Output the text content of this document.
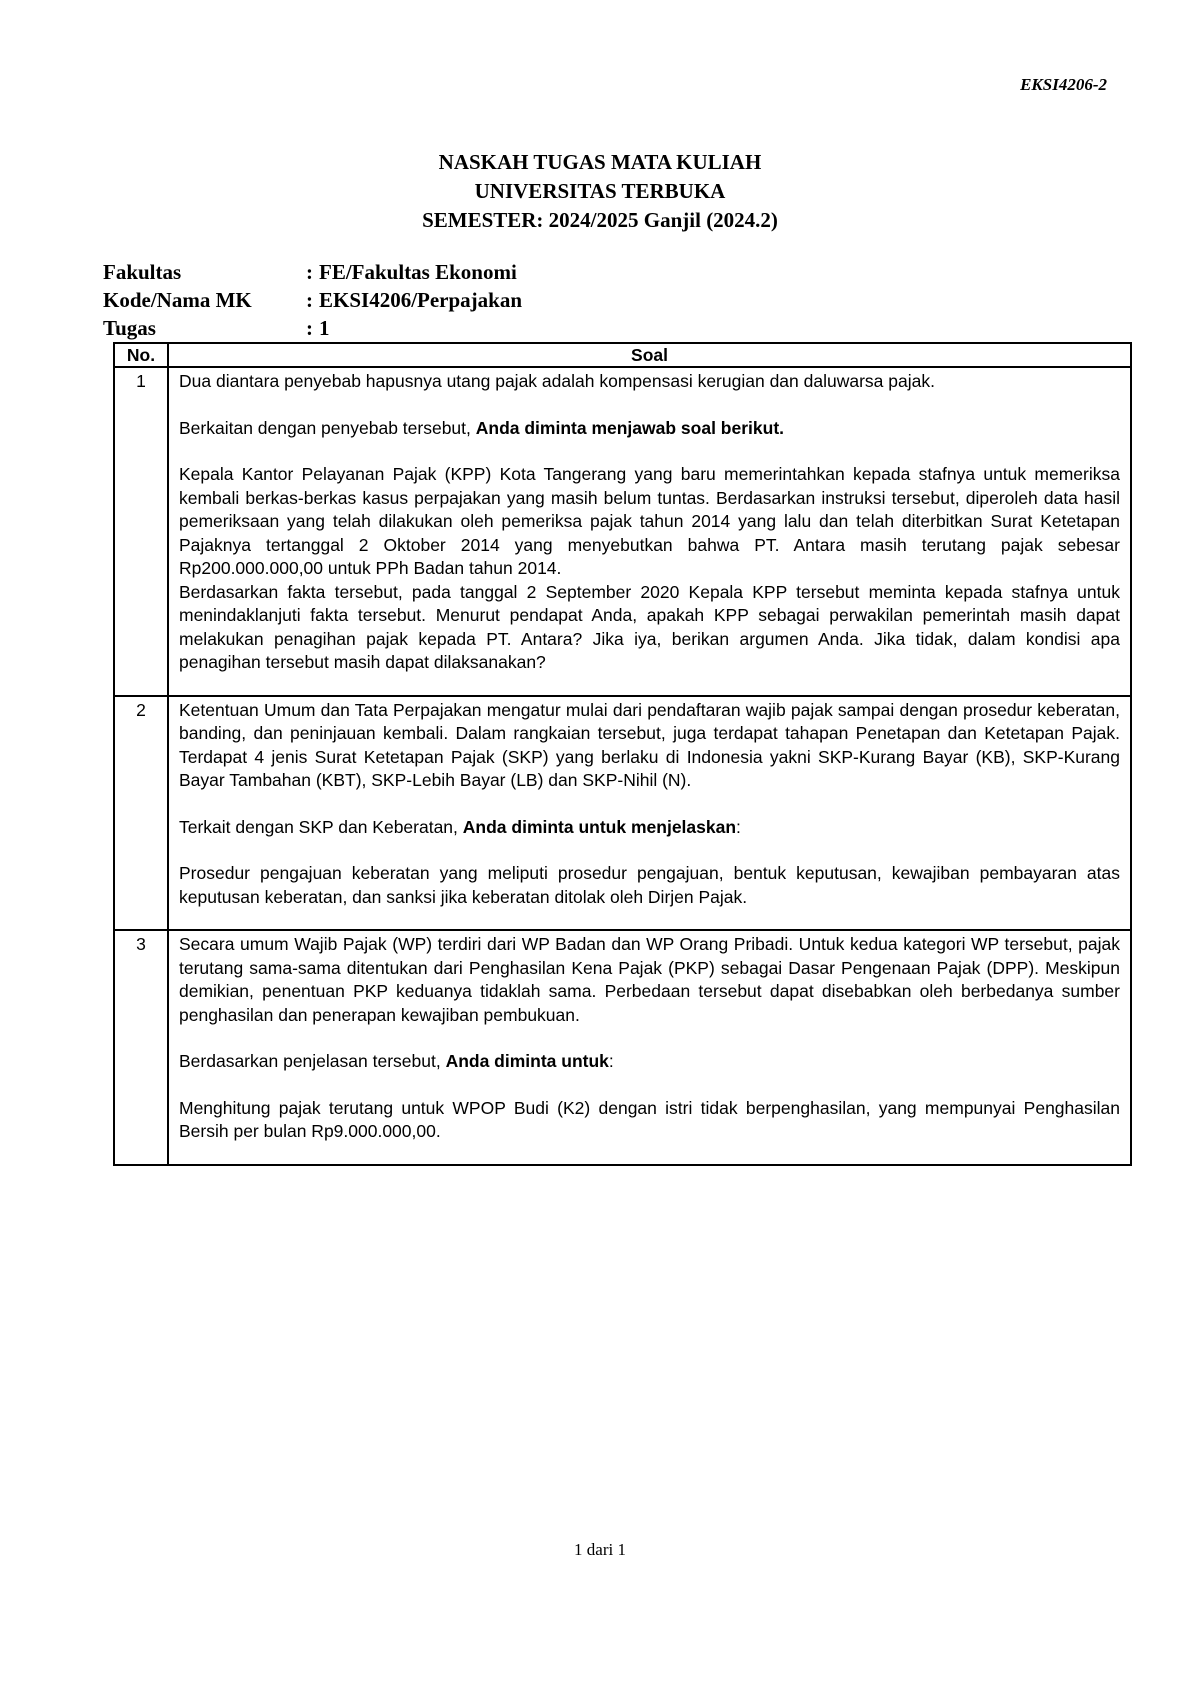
EKSI4206-2
NASKAH TUGAS MATA KULIAH
UNIVERSITAS TERBUKA
SEMESTER: 2024/2025 Ganjil (2024.2)
Fakultas	: FE/Fakultas Ekonomi
Kode/Nama MK	: EKSI4206/Perpajakan
Tugas	: 1
No.	Soal
1	Dua diantara penyebab hapusnya utang pajak adalah kompensasi kerugian dan daluwarsa pajak.

Berkaitan dengan penyebab tersebut, Anda diminta menjawab soal berikut.

Kepala Kantor Pelayanan Pajak (KPP) Kota Tangerang yang baru memerintahkan kepada stafnya untuk memeriksa kembali berkas-berkas kasus perpajakan yang masih belum tuntas. Berdasarkan instruksi tersebut, diperoleh data hasil pemeriksaan yang telah dilakukan oleh pemeriksa pajak tahun 2014 yang lalu dan telah diterbitkan Surat Ketetapan Pajaknya tertanggal 2 Oktober 2014 yang menyebutkan bahwa PT. Antara masih terutang pajak sebesar Rp200.000.000,00 untuk PPh Badan tahun 2014.

Berdasarkan fakta tersebut, pada tanggal 2 September 2020 Kepala KPP tersebut meminta kepada stafnya untuk menindaklanjuti fakta tersebut. Menurut pendapat Anda, apakah KPP sebagai perwakilan pemerintah masih dapat melakukan penagihan pajak kepada PT. Antara? Jika iya, berikan argumen Anda. Jika tidak, dalam kondisi apa penagihan tersebut masih dapat dilaksanakan?

2	Ketentuan Umum dan Tata Perpajakan mengatur mulai dari pendaftaran wajib pajak sampai dengan prosedur keberatan, banding, dan peninjauan kembali. Dalam rangkaian tersebut, juga terdapat tahapan Penetapan dan Ketetapan Pajak. Terdapat 4 jenis Surat Ketetapan Pajak (SKP) yang berlaku di Indonesia yakni SKP-Kurang Bayar (KB), SKP-Kurang Bayar Tambahan (KBT), SKP-Lebih Bayar (LB) dan SKP-Nihil (N).

Terkait dengan SKP dan Keberatan, Anda diminta untuk menjelaskan:

Prosedur pengajuan keberatan yang meliputi prosedur pengajuan, bentuk keputusan, kewajiban pembayaran atas keputusan keberatan, dan sanksi jika keberatan ditolak oleh Dirjen Pajak.

3	Secara umum Wajib Pajak (WP) terdiri dari WP Badan dan WP Orang Pribadi. Untuk kedua kategori WP tersebut, pajak terutang sama-sama ditentukan dari Penghasilan Kena Pajak (PKP) sebagai Dasar Pengenaan Pajak (DPP). Meskipun demikian, penentuan PKP keduanya tidaklah sama. Perbedaan tersebut dapat disebabkan oleh berbedanya sumber penghasilan dan penerapan kewajiban pembukuan.

Berdasarkan penjelasan tersebut, Anda diminta untuk:

Menghitung pajak terutang untuk WPOP Budi (K2) dengan istri tidak berpenghasilan, yang mempunyai Penghasilan Bersih per bulan Rp9.000.000,00.

1 dari 1
